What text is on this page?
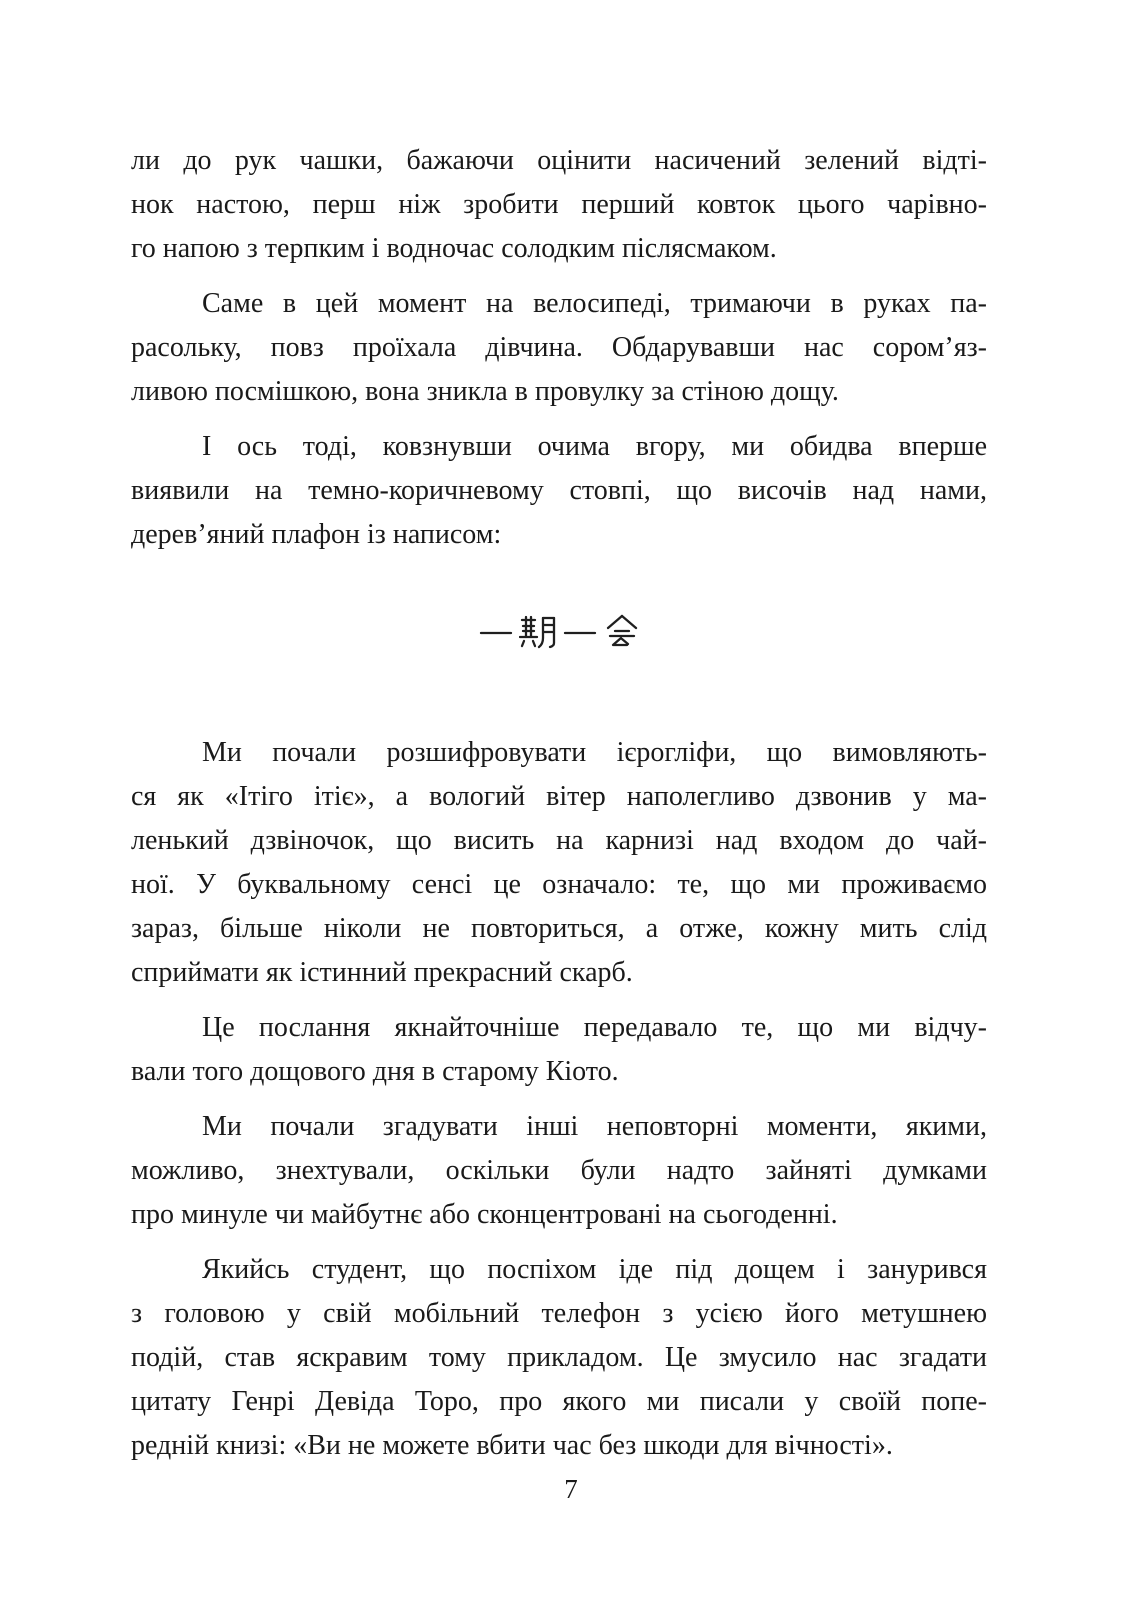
ли до рук чашки, бажаючи оцінити насичений зелений відті-
нок настою, перш ніж зробити перший ковток цього чарівно-
го напою з терпким і водночас солодким післясмаком.
Саме в цей момент на велосипеді, тримаючи в руках па-
расольку, повз проїхала дівчина. Обдарувавши нас сором’яз-
ливою посмішкою, вона зникла в провулку за стіною дощу.
І ось тоді, ковзнувши очима вгору, ми обидва вперше
виявили на темно-коричневому стовпі, що височів над нами,
дерев’яний плафон із написом:
Ми почали розшифровувати ієрогліфи, що вимовляють-
ся як «Ітіго ітіє», а вологий вітер наполегливо дзвонив у ма-
ленький дзвіночок, що висить на карнизі над входом до чай-
ної. У буквальному сенсі це означало: те, що ми проживаємо
зараз, більше ніколи не повториться, а отже, кожну мить слід
сприймати як істинний прекрасний скарб.
Це послання якнайточніше передавало те, що ми відчу-
вали того дощового дня в старому Кіото.
Ми почали згадувати інші неповторні моменти, якими,
можливо, знехтували, оскільки були надто зайняті думками
про минуле чи майбутнє або сконцентровані на сьогоденні.
Якийсь студент, що поспіхом іде під дощем і занурився
з головою у свій мобільний телефон з усією його метушнею
подій, став яскравим тому прикладом. Це змусило нас згадати
цитату Генрі Девіда Торо, про якого ми писали у своїй попе-
редній книзі: «Ви не можете вбити час без шкоди для вічності».
7
